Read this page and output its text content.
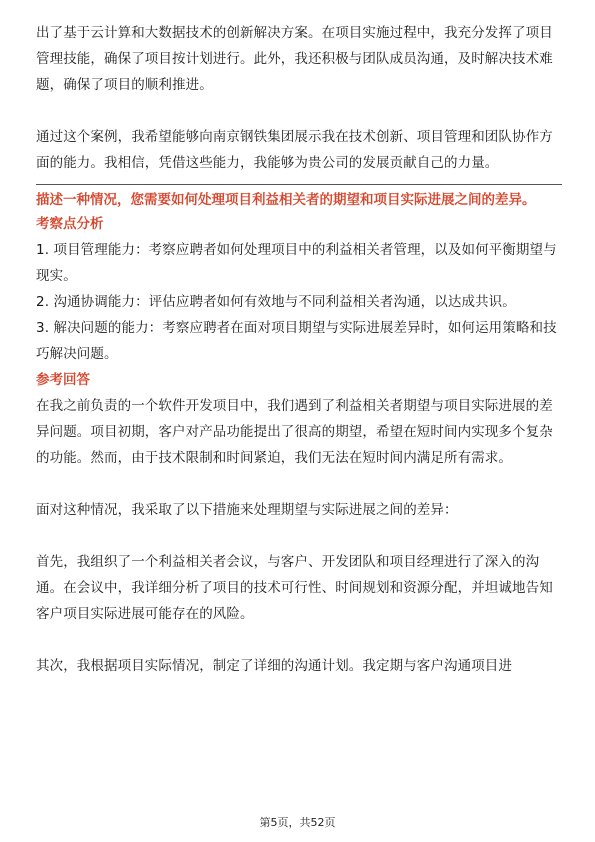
出了基于云计算和大数据技术的创新解决方案。在项目实施过程中，我充分发挥了项目管理技能，确保了项目按计划进行。此外，我还积极与团队成员沟通，及时解决技术难题，确保了项目的顺利推进。

通过这个案例，我希望能够向南京钢铁集团展示我在技术创新、项目管理和团队协作方面的能力。我相信，凭借这些能力，我能够为贵公司的发展贡献自己的力量。

描述一种情况，您需要如何处理项目利益相关者的期望和项目实际进展之间的差异。

考察点分析

1. 项目管理能力：考察应聘者如何处理项目中的利益相关者管理，以及如何平衡期望与现实。

2. 沟通协调能力：评估应聘者如何有效地与不同利益相关者沟通，以达成共识。

3. 解决问题的能力：考察应聘者在面对项目期望与实际进展差异时，如何运用策略和技巧解决问题。

参考回答

在我之前负责的一个软件开发项目中，我们遇到了利益相关者期望与项目实际进展的差异问题。项目初期，客户对产品功能提出了很高的期望，希望在短时间内实现多个复杂的功能。然而，由于技术限制和时间紧迫，我们无法在短时间内满足所有需求。

面对这种情况，我采取了以下措施来处理期望与实际进展之间的差异：

首先，我组织了一个利益相关者会议，与客户、开发团队和项目经理进行了深入的沟通。在会议中，我详细分析了项目的技术可行性、时间规划和资源分配，并坦诚地告知客户项目实际进展可能存在的风险。

其次，我根据项目实际情况，制定了详细的沟通计划。我定期与客户沟通项目进

第5页，共52页
